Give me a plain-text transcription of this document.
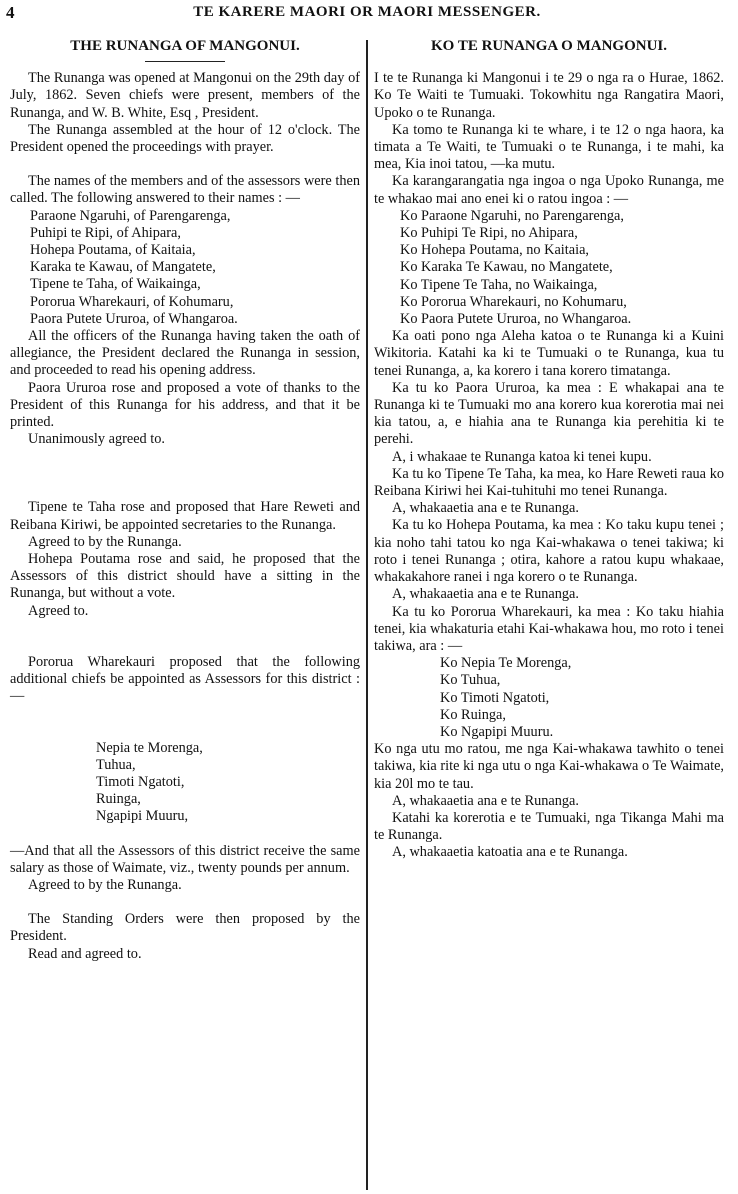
4	TE KARERE MAORI OR MAORI MESSENGER.
THE RUNANGA OF MANGONUI.

The Runanga was opened at Mangonui on the 29th day of July, 1862. Seven chiefs were present, members of the Runanga, and W. B. White, Esq , President.

The Runanga assembled at the hour of 12 o'clock. The President opened the proceedings with prayer.

The names of the members and of the assessors were then called. The following answered to their names : —

Paraone Ngaruhi, of Parengarenga,
Puhipi te Ripi, of Ahipara,
Hohepa Poutama, of Kaitaia,
Karaka te Kawau, of Mangatete,
Tipene te Taha, of Waikainga,
Pororua Wharekauri, of Kohumaru,
Paora Putete Ururoa, of Whangaroa.

All the officers of the Runanga having taken the oath of allegiance, the President declared the Runanga in session, and proceeded to read his opening address.

Paora Ururoa rose and proposed a vote of thanks to the President of this Runanga for his address, and that it be printed.

Unanimously agreed to.

Tipene te Taha rose and proposed that Hare Reweti and Reibana Kiriwi, be appointed secretaries to the Runanga.

Agreed to by the Runanga.

Hohepa Poutama rose and said, he proposed that the Assessors of this district should have a sitting in the Runanga, but without a vote.

Agreed to.

Pororua Wharekauri proposed that the following additional chiefs be appointed as Assessors for this district : —

Nepia te Morenga,
Tuhua,
Timoti Ngatoti,
Ruinga,
Ngapipi Muuru,

—And that all the Assessors of this district receive the same salary as those of Waimate, viz., twenty pounds per annum.

Agreed to by the Runanga.

The Standing Orders were then proposed by the President.

Read and agreed to.

KO TE RUNANGA O MANGONUI.

I te te Runanga ki Mangonui i te 29 o nga ra o Hurae, 1862. Ko Te Waiti te Tumuaki. Tokowhitu nga Rangatira Maori, Upoko o te Runanga.

Ka tomo te Runanga ki te whare, i te 12 o nga haora, ka timata a Te Waiti, te Tumuaki o te Runanga, i te mahi, ka mea, Kia inoi tatou, —ka mutu.

Ka karangarangatia nga ingoa o nga Upoko Runanga, me te whakao mai ano enei ki o ratou ingoa : —

Ko Paraone Ngaruhi, no Parengarenga,
Ko Puhipi Te Ripi, no Ahipara,
Ko Hohepa Poutama, no Kaitaia,
Ko Karaka Te Kawau, no Mangatete,
Ko Tipene Te Taha, no Waikainga,
Ko Pororua Wharekauri, no Kohumaru,
Ko Paora Putete Ururoa, no Whangaroa.

Ka oati pono nga Aleha katoa o te Runanga ki a Kuini Wikitoria. Katahi ka ki te Tumuaki o te Runanga, kua tu tenei Runanga, a, ka korero i tana korero timatanga.

Ka tu ko Paora Ururoa, ka mea : E whakapai ana te Runanga ki te Tumuaki mo ana korero kua korerotia mai nei kia tatou, a, e hiahia ana te Runanga kia perehitia ki te perehi.

A, i whakaae te Runanga katoa ki tenei kupu.

Ka tu ko Tipene Te Taha, ka mea, ko Hare Reweti raua ko Reibana Kiriwi hei Kai-tuhituhi mo tenei Runanga.

A, whakaaetia ana e te Runanga.

Ka tu ko Hohepa Poutama, ka mea : Ko taku kupu tenei ; kia noho tahi tatou ko nga Kai-whakawa o tenei takiwa; ki roto i tenei Runanga ; otira, kahore a ratou kupu whakaae, whakakahore ranei i nga korero o te Runanga.

A, whakaaetia ana e te Runanga.

Ka tu ko Pororua Wharekauri, ka mea : Ko taku hiahia tenei, kia whakaturia etahi Kai-whakawa hou, mo roto i tenei takiwa, ara : —

Ko Nepia Te Morenga,
Ko Tuhua,
Ko Timoti Ngatoti,
Ko Ruinga,
Ko Ngapipi Muuru.

Ko nga utu mo ratou, me nga Kai-whakawa tawhito o tenei takiwa, kia rite ki nga utu o nga Kai-whakawa o Te Waimate, kia 20l mo te tau.

A, whakaaetia ana e te Runanga.

Katahi ka korerotia e te Tumuaki, nga Tikanga Mahi ma te Runanga.

A, whakaaetia katoatia ana e te Runanga.
